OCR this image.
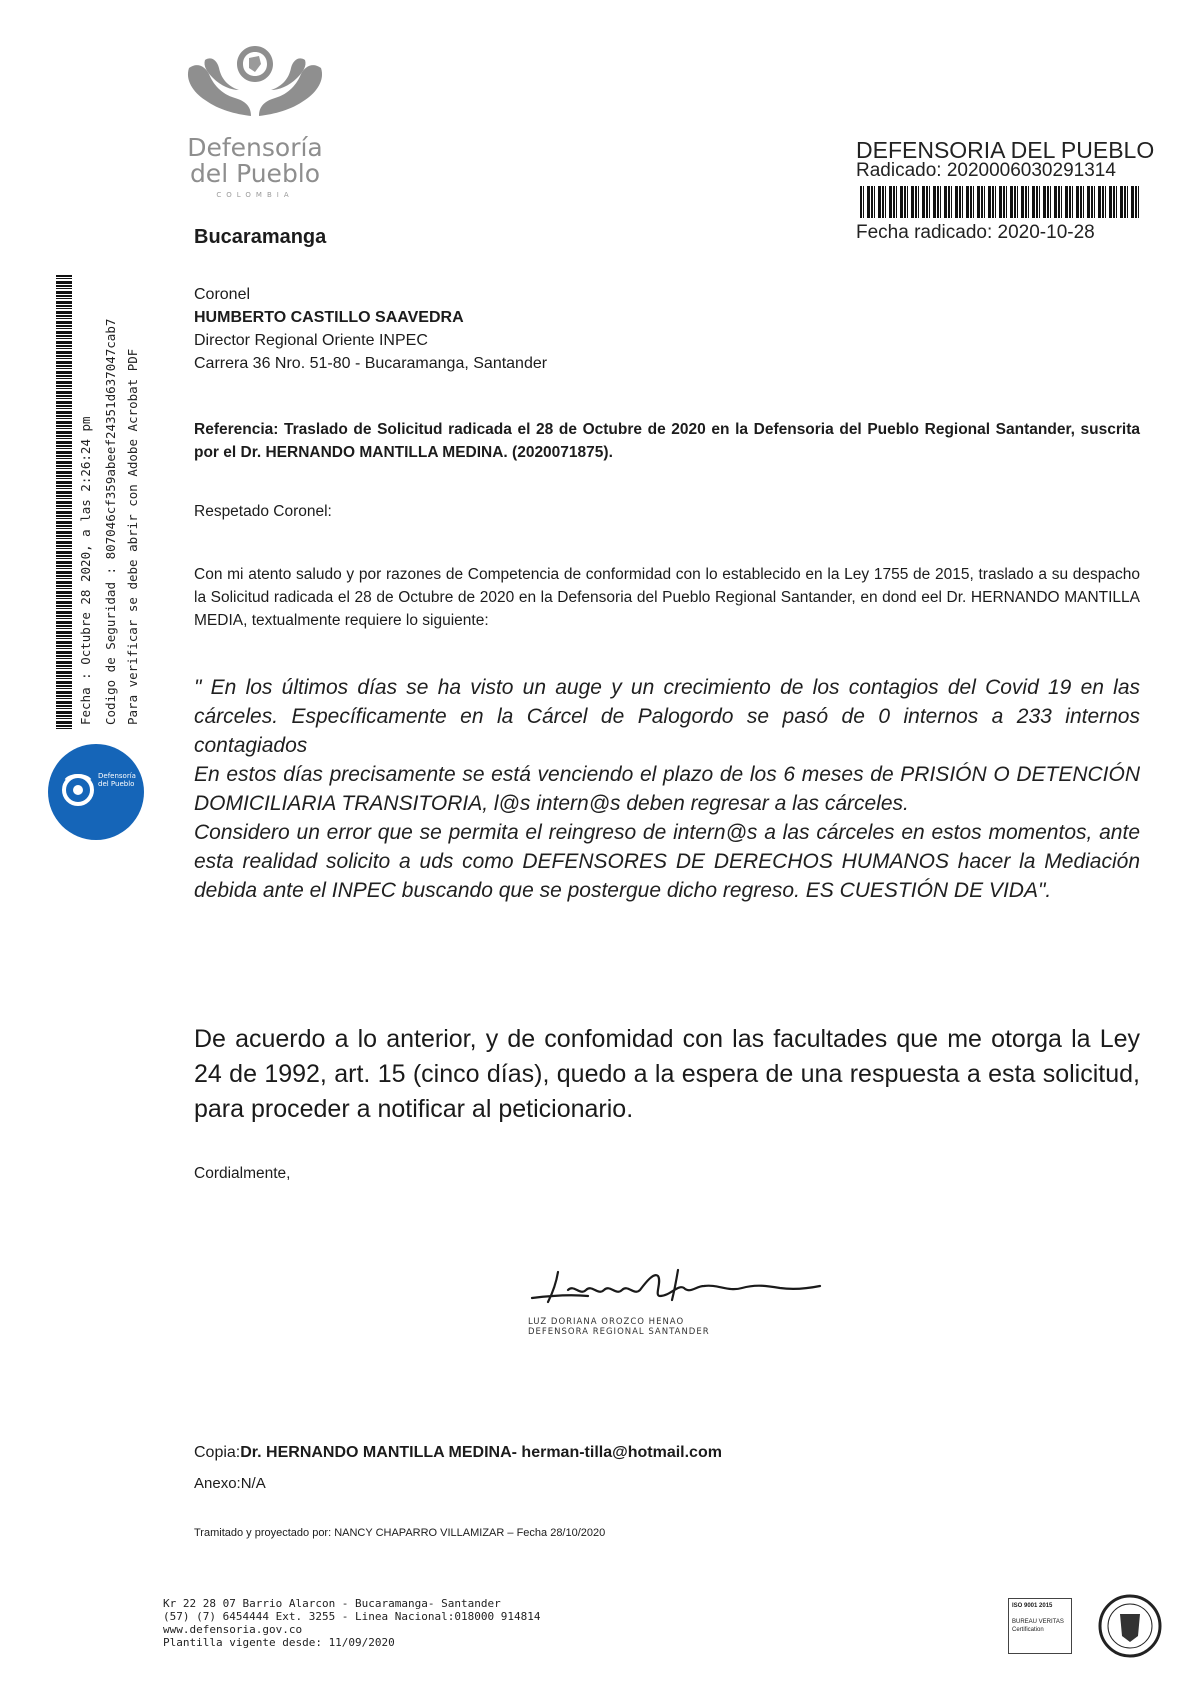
Defensoría
del Pueblo
COLOMBIA
DEFENSORIA DEL PUEBLO
Radicado: 2020006030291314
Fecha radicado: 2020-10-28
Fecha : Octubre 28 2020, a las 2:26:24 pm Codigo de Seguridad : 807046cf359abeef24351d637047cab7 Para verificar se debe abrir con Adobe Acrobat PDF
Defensoría del Pueblo
Bucaramanga
Coronel
HUMBERTO CASTILLO SAAVEDRA
Director Regional Oriente INPEC
Carrera 36 Nro. 51-80 - Bucaramanga, Santander
Referencia: Traslado de Solicitud radicada el 28 de Octubre de 2020 en la Defensoria del Pueblo Regional Santander, suscrita por el Dr. HERNANDO MANTILLA MEDINA. (2020071875).
Respetado Coronel:
Con mi atento saludo y por razones de Competencia de conformidad con lo establecido en la Ley 1755 de 2015, traslado a su despacho la Solicitud radicada el 28 de Octubre de 2020 en la Defensoria del Pueblo Regional Santander, en dond eel Dr. HERNANDO MANTILLA MEDIA, textualmente requiere lo siguiente:
" En los últimos días se ha visto un auge y un crecimiento de los contagios del Covid 19 en las cárceles. Específicamente en la Cárcel de Palogordo se pasó de 0 internos a 233 internos contagiados
En estos días precisamente se está venciendo el plazo de los 6 meses de PRISIÓN O DETENCIÓN DOMICILIARIA TRANSITORIA, l@s intern@s deben regresar a las cárceles.
Considero un error que se permita el reingreso de intern@s a las cárceles en estos momentos, ante esta realidad solicito a uds como DEFENSORES DE DERECHOS HUMANOS hacer la Mediación debida ante el INPEC buscando que se postergue dicho regreso. ES CUESTIÓN DE VIDA".
De acuerdo a lo anterior, y de confomidad con las facultades que me otorga la Ley 24 de 1992, art. 15 (cinco días), quedo a la espera de una respuesta a esta solicitud, para proceder a notificar al peticionario.
Cordialmente,
LUZ DORIANA OROZCO HENAO
DEFENSORA REGIONAL SANTANDER
Copia:Dr. HERNANDO MANTILLA MEDINA- herman-tilla@hotmail.com
Anexo:N/A
Tramitado y proyectado por: NANCY CHAPARRO VILLAMIZAR – Fecha 28/10/2020
Kr 22 28 07 Barrio Alarcon - Bucaramanga- Santander
(57) (7) 6454444 Ext. 3255 - Linea Nacional:018000 914814
www.defensoria.gov.co
Plantilla vigente desde: 11/09/2020
ISO 9001 2015
BUREAU VERITAS
Certification
